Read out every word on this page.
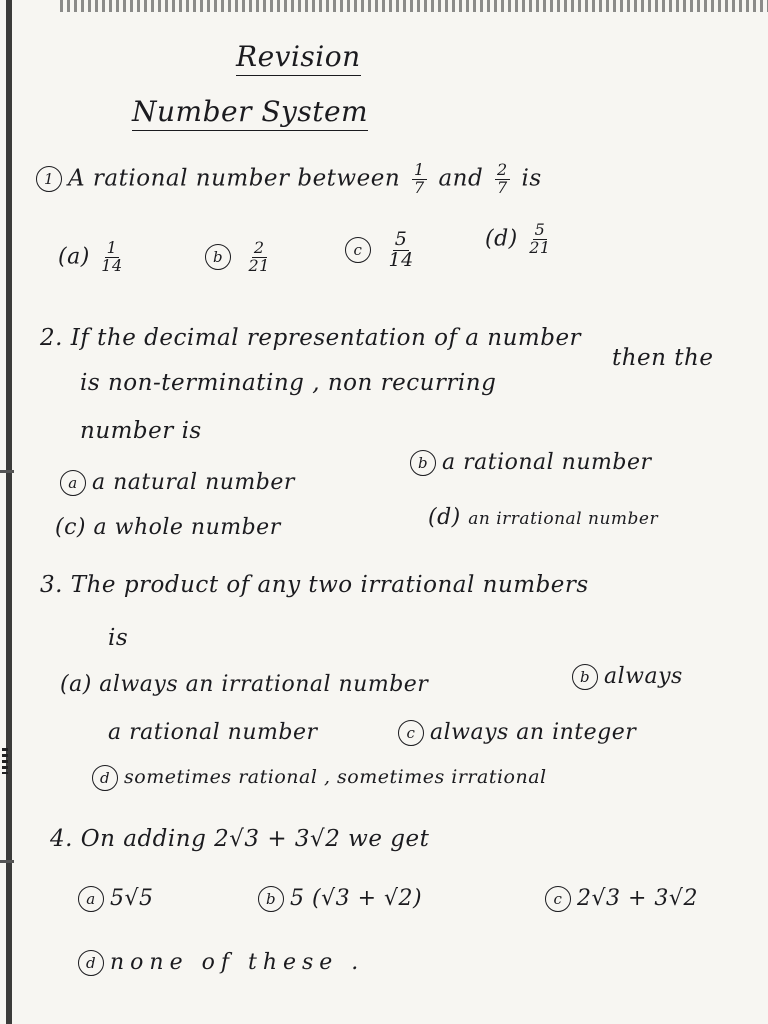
Revision
Number System
1 A rational number between $\frac{1}{7}$ and $\frac{2}{7}$ is
$(a) \frac{1}{14}$	b $\frac{2}{21}$	c $\frac{5}{14}$	$(d) \frac{5}{21}$
2. If the decimal representation of a number
is non-terminating , non recurring
then the
number is
a a natural number
b a rational number
(c) a whole number	(d) an irrational number
3. The product of any two irrational numbers
is
(a) always an irrational number	b always
a rational number	c always an integer
d sometimes rational , sometimes irrational
4. On adding 2√3 + 3√2 we get
a 5√5	b 5 (√3 + √2)	c 2√3 + 3√2
d none of these .
